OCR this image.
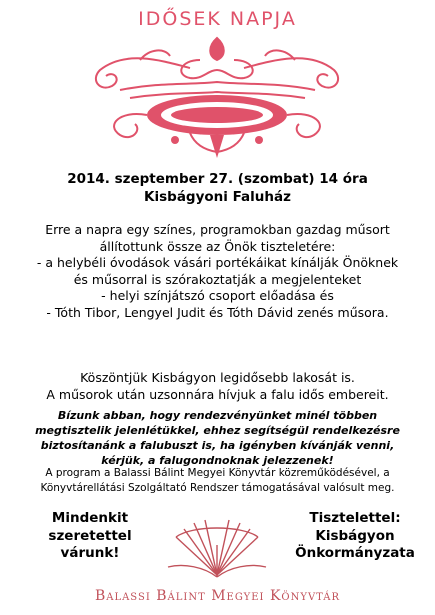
IDŐSEK NAPJA
2014. szeptember 27. (szombat) 14 óra
Kisbágyoni Faluház
Erre a napra egy színes, programokban gazdag műsort
állítottunk össze az Önök tiszteletére:
- a helybéli óvodások vásári portékáikat kínálják Önöknek
és műsorral is szórakoztatják a megjelenteket
- helyi színjátszó csoport előadása és
- Tóth Tibor, Lengyel Judit és Tóth Dávid zenés műsora.
Köszöntjük Kisbágyon legidősebb lakosát is.
A műsorok után uzsonnára hívjuk a falu idős embereit.
Bízunk abban, hogy rendezvényünket minél többen
megtisztelik jelenlétükkel, ehhez segítségül rendelkezésre
biztosítanánk a falubuszt is, ha igényben kívánják venni,
kérjük, a falugondnoknak jelezzenek!
A program a Balassi Bálint Megyei Könyvtár közreműködésével, a
Könyvtárellátási Szolgáltató Rendszer támogatásával valósult meg.
Mindenkit
szeretettel
várunk!
Tisztelettel:
Kisbágyon
Önkormányzata
Balassi Bálint Megyei Könyvtár
